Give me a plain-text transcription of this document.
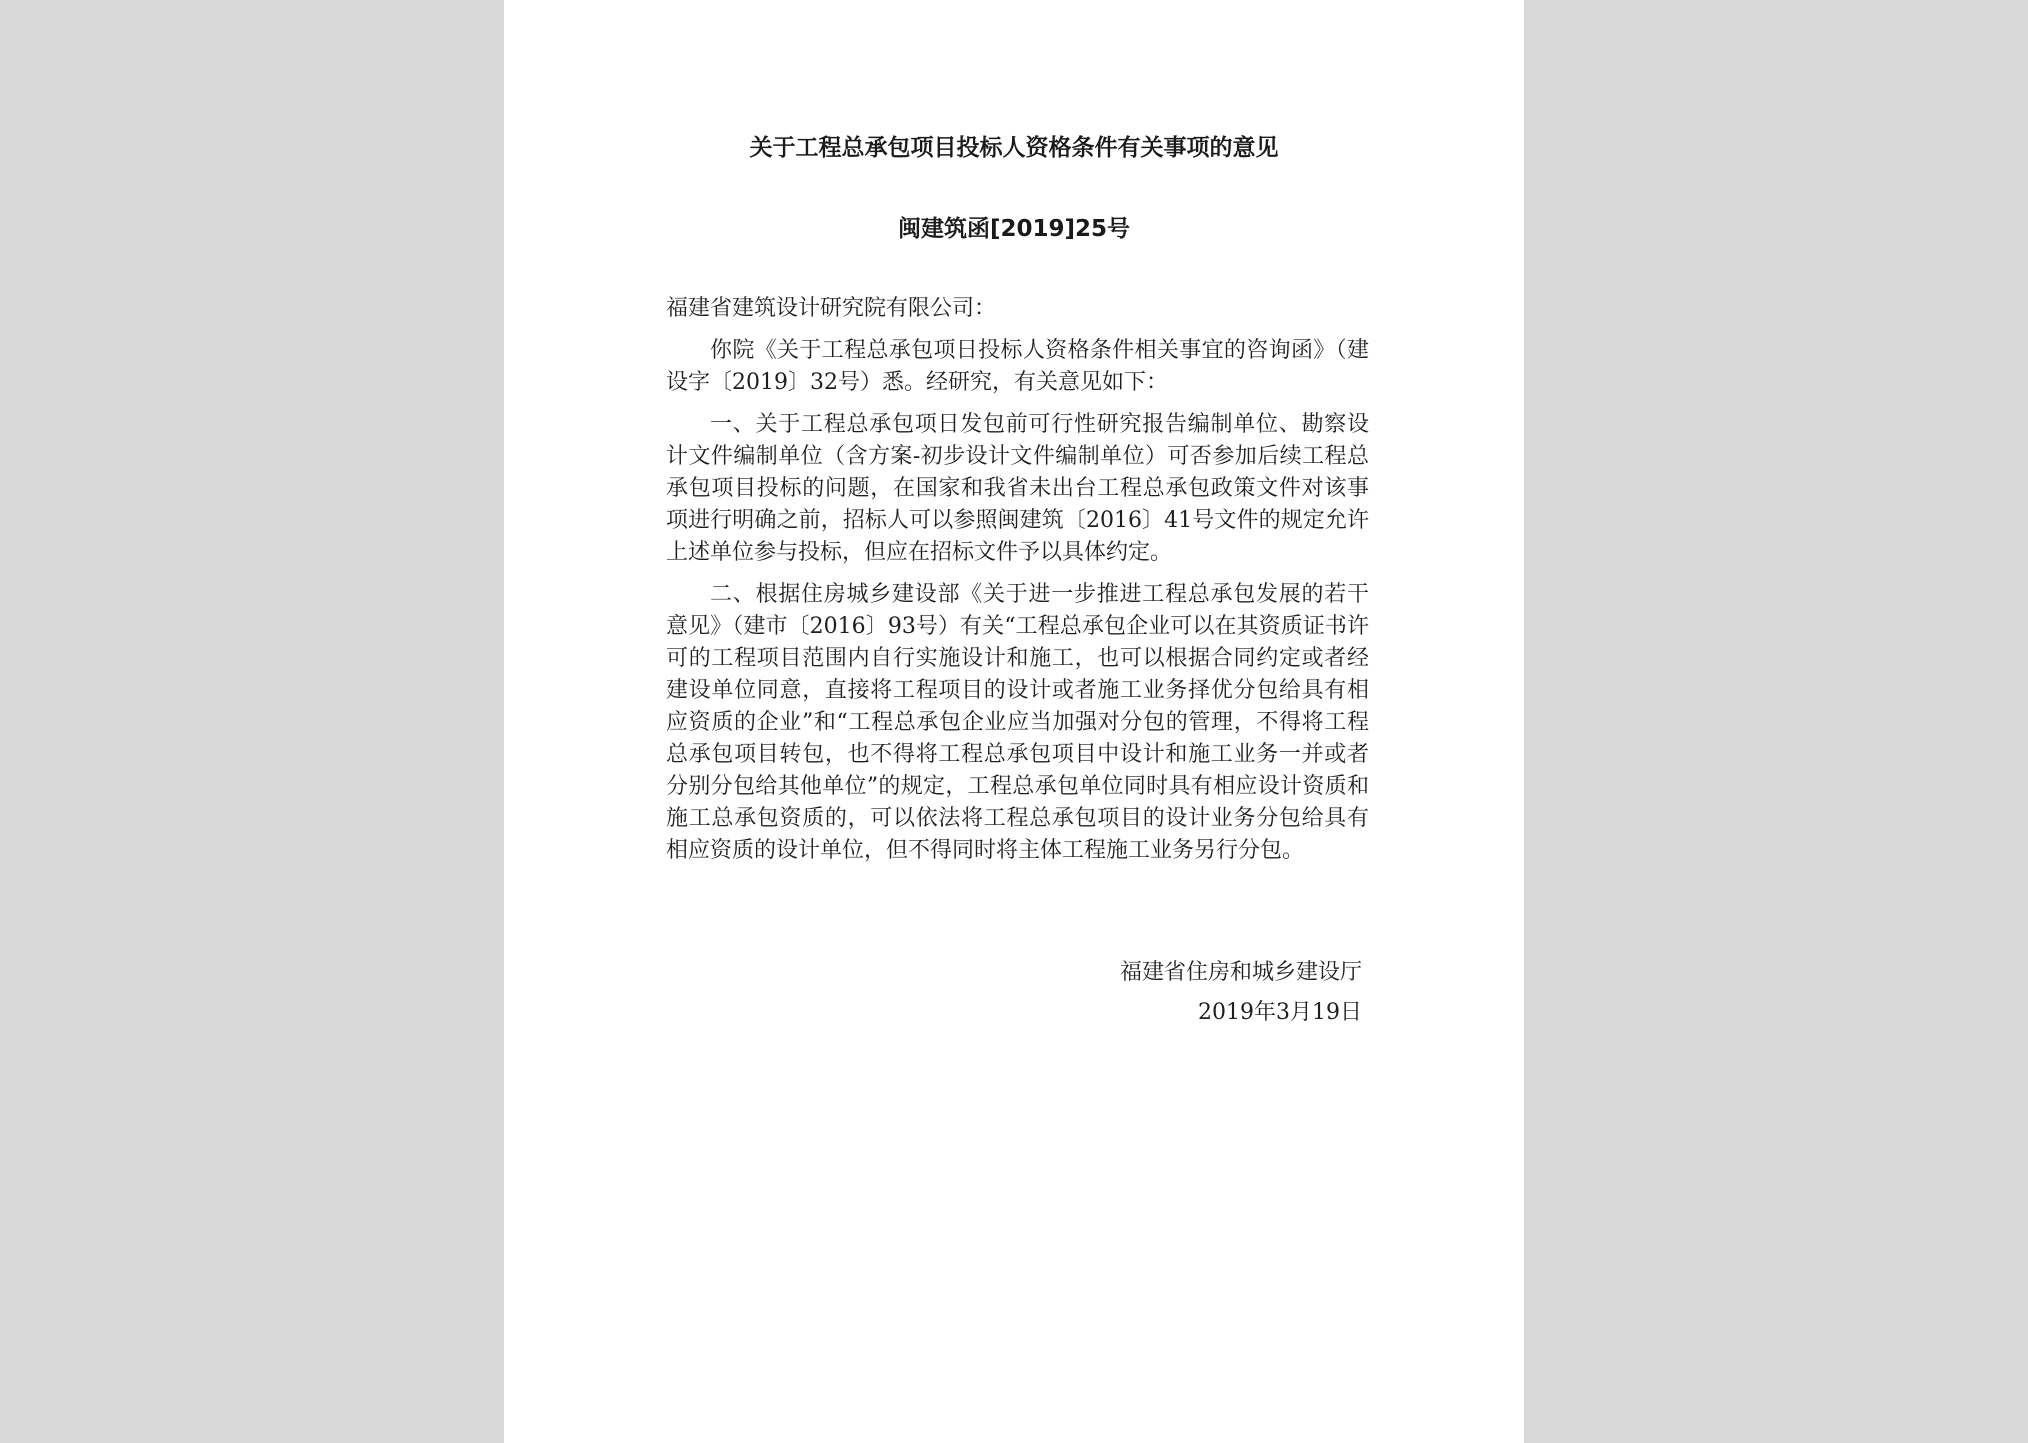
关于工程总承包项目投标人资格条件有关事项的意见
闽建筑函[2019]25号

福建省建筑设计研究院有限公司：

你院《关于工程总承包项日投标人资格条件相关事宜的咨询函》（建设字〔2019〕32号）悉。经研究，有关意见如下：

一、关于工程总承包项日发包前可行性研究报告编制单位、勘察设计文件编制单位（含方案-初步设计文件编制单位）可否参加后续工程总承包项目投标的问题，在国家和我省未出台工程总承包政策文件对该事项进行明确之前，招标人可以参照闽建筑〔2016〕41号文件的规定允许上述单位参与投标，但应在招标文件予以具体约定。

二、根据住房城乡建设部《关于进一步推进工程总承包发展的若干意见》（建市〔2016〕93号）有关“工程总承包企业可以在其资质证书许可的工程项目范围内自行实施设计和施工，也可以根据合同约定或者经建设单位同意，直接将工程项目的设计或者施工业务择优分包给具有相应资质的企业”和“工程总承包企业应当加强对分包的管理，不得将工程总承包项目转包，也不得将工程总承包项目中设计和施工业务一并或者分别分包给其他单位”的规定，工程总承包单位同时具有相应设计资质和施工总承包资质的，可以依法将工程总承包项目的设计业务分包给具有相应资质的设计单位，但不得同时将主体工程施工业务另行分包。

福建省住房和城乡建设厅
2019年3月19日
